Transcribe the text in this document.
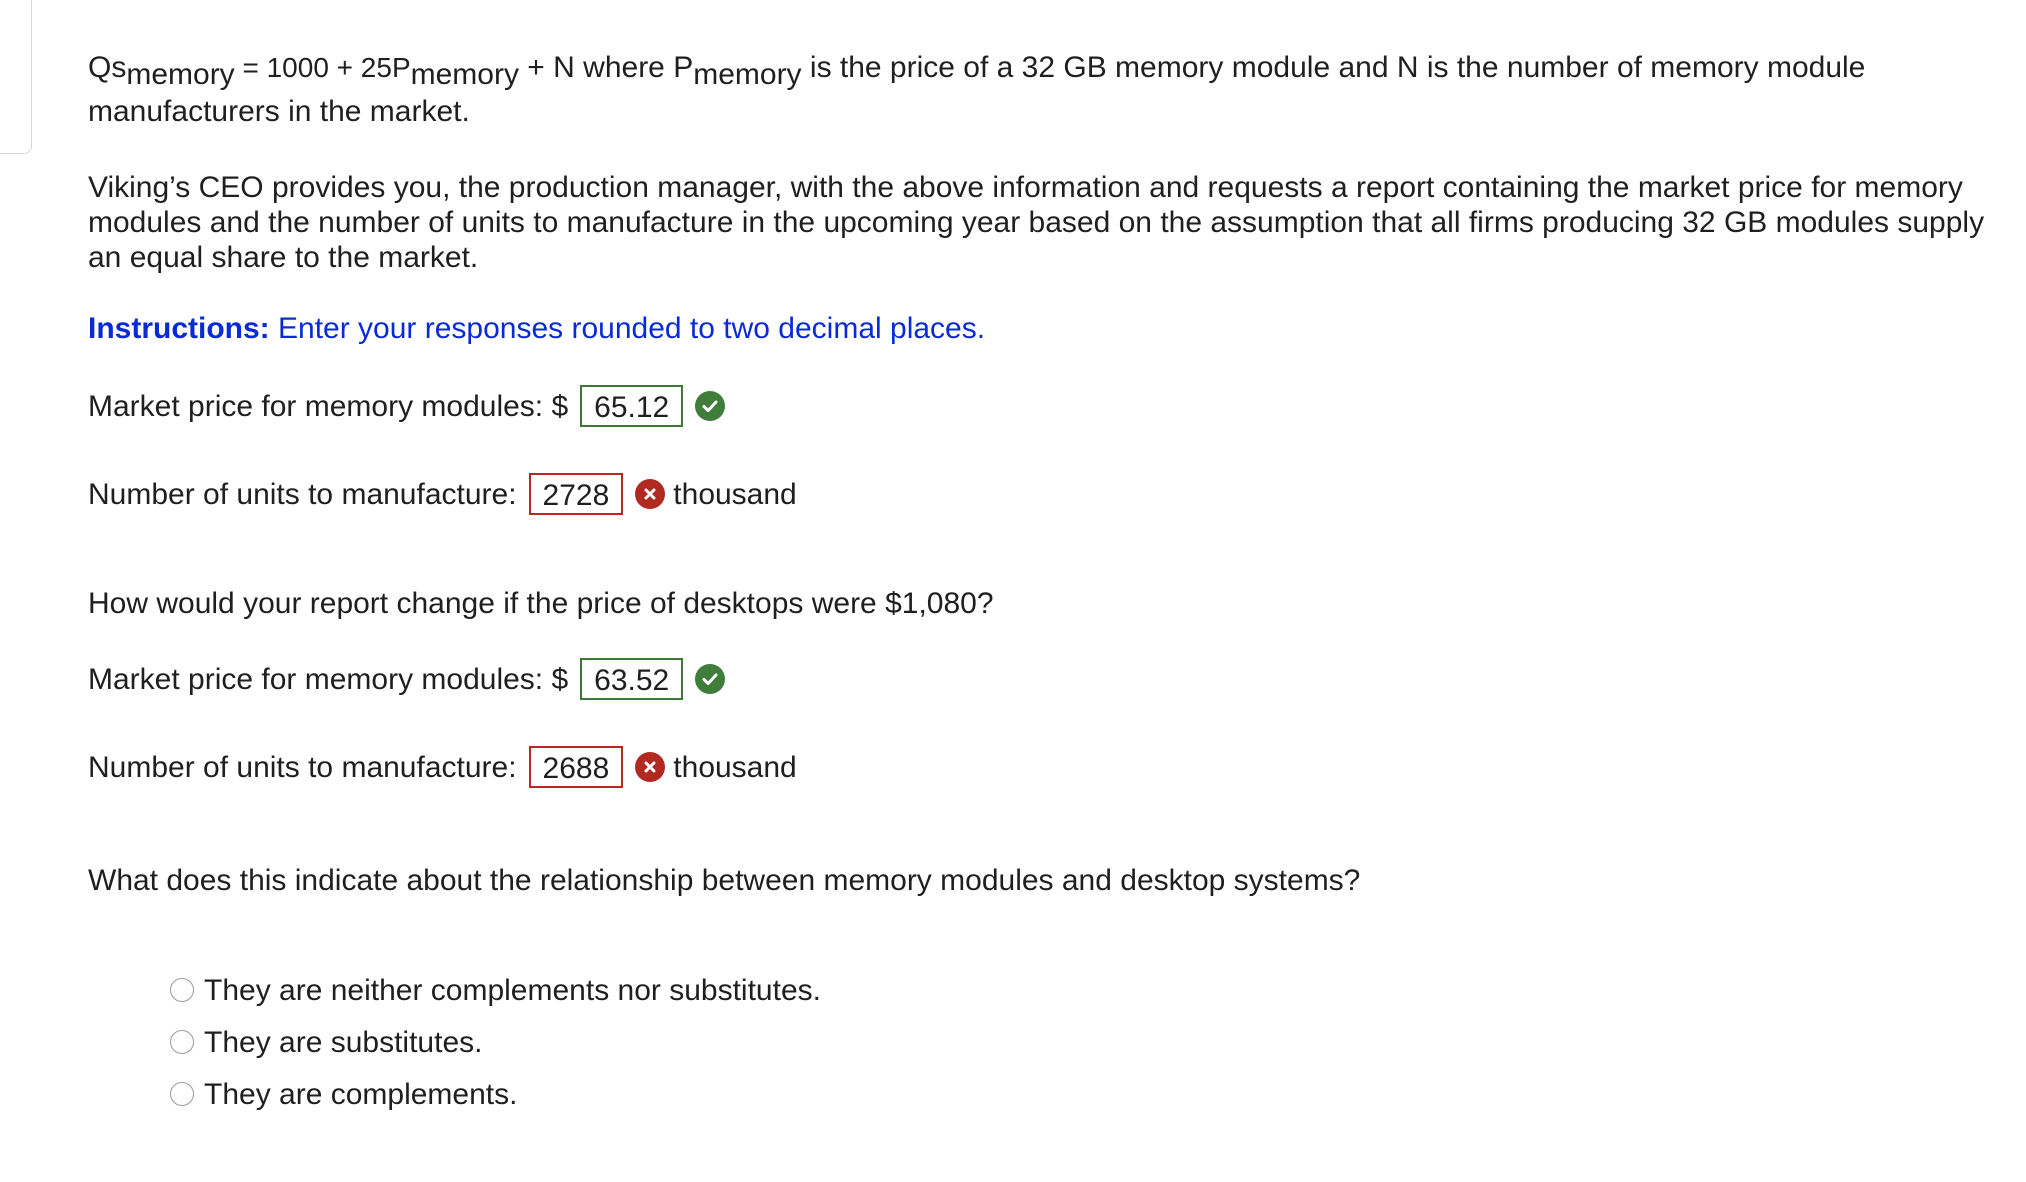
Qsmemory = 1000 + 25Pmemory + N where Pmemory is the price of a 32 GB memory module and N is the number of memory module manufacturers in the market.

Viking’s CEO provides you, the production manager, with the above information and requests a report containing the market price for memory modules and the number of units to manufacture in the upcoming year based on the assumption that all firms producing 32 GB modules supply an equal share to the market.

Instructions: Enter your responses rounded to two decimal places.

Market price for memory modules: $ 65.12
Number of units to manufacture: 2728	thousand

How would your report change if the price of desktops were $1,080?

Market price for memory modules: $ 63.52
Number of units to manufacture: 2688	thousand

What does this indicate about the relationship between memory modules and desktop systems?

They are neither complements nor substitutes.
They are substitutes.
They are complements.
